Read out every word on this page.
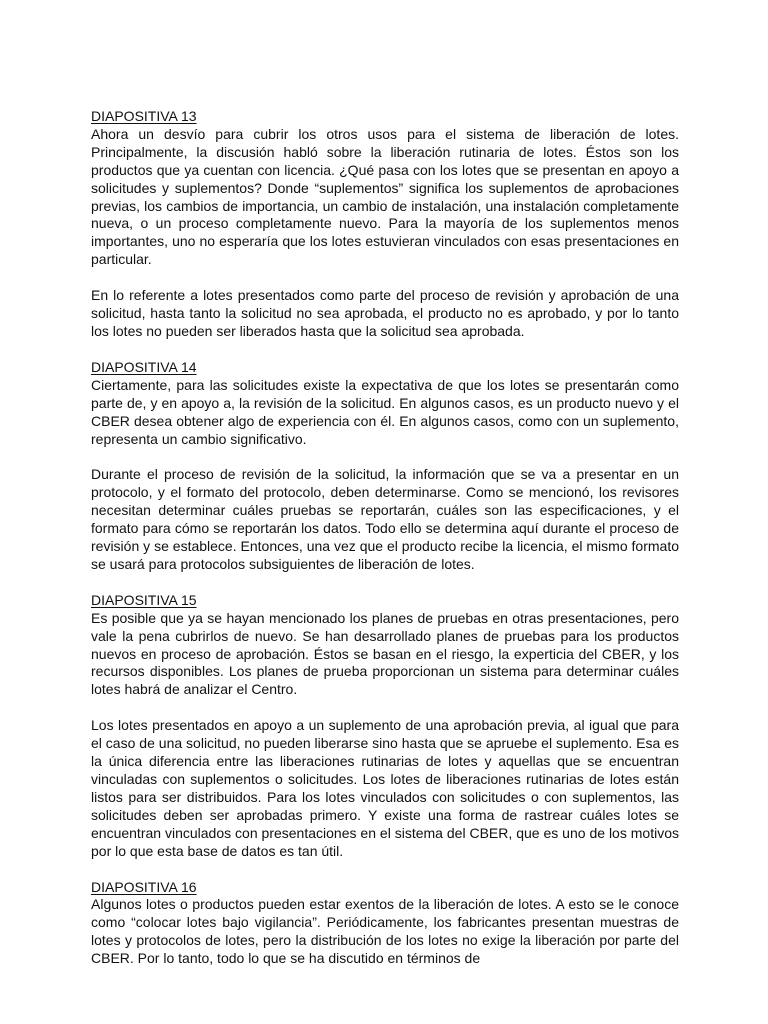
DIAPOSITIVA 13

Ahora un desvío para cubrir los otros usos para el sistema de liberación de lotes. Principalmente, la discusión habló sobre la liberación rutinaria de lotes. Éstos son los productos que ya cuentan con licencia. ¿Qué pasa con los lotes que se presentan en apoyo a solicitudes y suplementos? Donde “suplementos” significa los suplementos de aprobaciones previas, los cambios de importancia, un cambio de instalación, una instalación completamente nueva, o un proceso completamente nuevo. Para la mayoría de los suplementos menos importantes, uno no esperaría que los lotes estuvieran vinculados con esas presentaciones en particular.

En lo referente a lotes presentados como parte del proceso de revisión y aprobación de una solicitud, hasta tanto la solicitud no sea aprobada, el producto no es aprobado, y por lo tanto los lotes no pueden ser liberados hasta que la solicitud sea aprobada.

DIAPOSITIVA 14

Ciertamente, para las solicitudes existe la expectativa de que los lotes se presentarán como parte de, y en apoyo a, la revisión de la solicitud. En algunos casos, es un producto nuevo y el CBER desea obtener algo de experiencia con él. En algunos casos, como con un suplemento, representa un cambio significativo.

Durante el proceso de revisión de la solicitud, la información que se va a presentar en un protocolo, y el formato del protocolo, deben determinarse. Como se mencionó, los revisores necesitan determinar cuáles pruebas se reportarán, cuáles son las especificaciones, y el formato para cómo se reportarán los datos. Todo ello se determina aquí durante el proceso de revisión y se establece. Entonces, una vez que el producto recibe la licencia, el mismo formato se usará para protocolos subsiguientes de liberación de lotes.

DIAPOSITIVA 15

Es posible que ya se hayan mencionado los planes de pruebas en otras presentaciones, pero vale la pena cubrirlos de nuevo. Se han desarrollado planes de pruebas para los productos nuevos en proceso de aprobación. Éstos se basan en el riesgo, la experticia del CBER, y los recursos disponibles. Los planes de prueba proporcionan un sistema para determinar cuáles lotes habrá de analizar el Centro.

Los lotes presentados en apoyo a un suplemento de una aprobación previa, al igual que para el caso de una solicitud, no pueden liberarse sino hasta que se apruebe el suplemento. Esa es la única diferencia entre las liberaciones rutinarias de lotes y aquellas que se encuentran vinculadas con suplementos o solicitudes. Los lotes de liberaciones rutinarias de lotes están listos para ser distribuidos. Para los lotes vinculados con solicitudes o con suplementos, las solicitudes deben ser aprobadas primero. Y existe una forma de rastrear cuáles lotes se encuentran vinculados con presentaciones en el sistema del CBER, que es uno de los motivos por lo que esta base de datos es tan útil.

DIAPOSITIVA 16

Algunos lotes o productos pueden estar exentos de la liberación de lotes. A esto se le conoce como “colocar lotes bajo vigilancia”. Periódicamente, los fabricantes presentan muestras de lotes y protocolos de lotes, pero la distribución de los lotes no exige la liberación por parte del CBER. Por lo tanto, todo lo que se ha discutido en términos de
